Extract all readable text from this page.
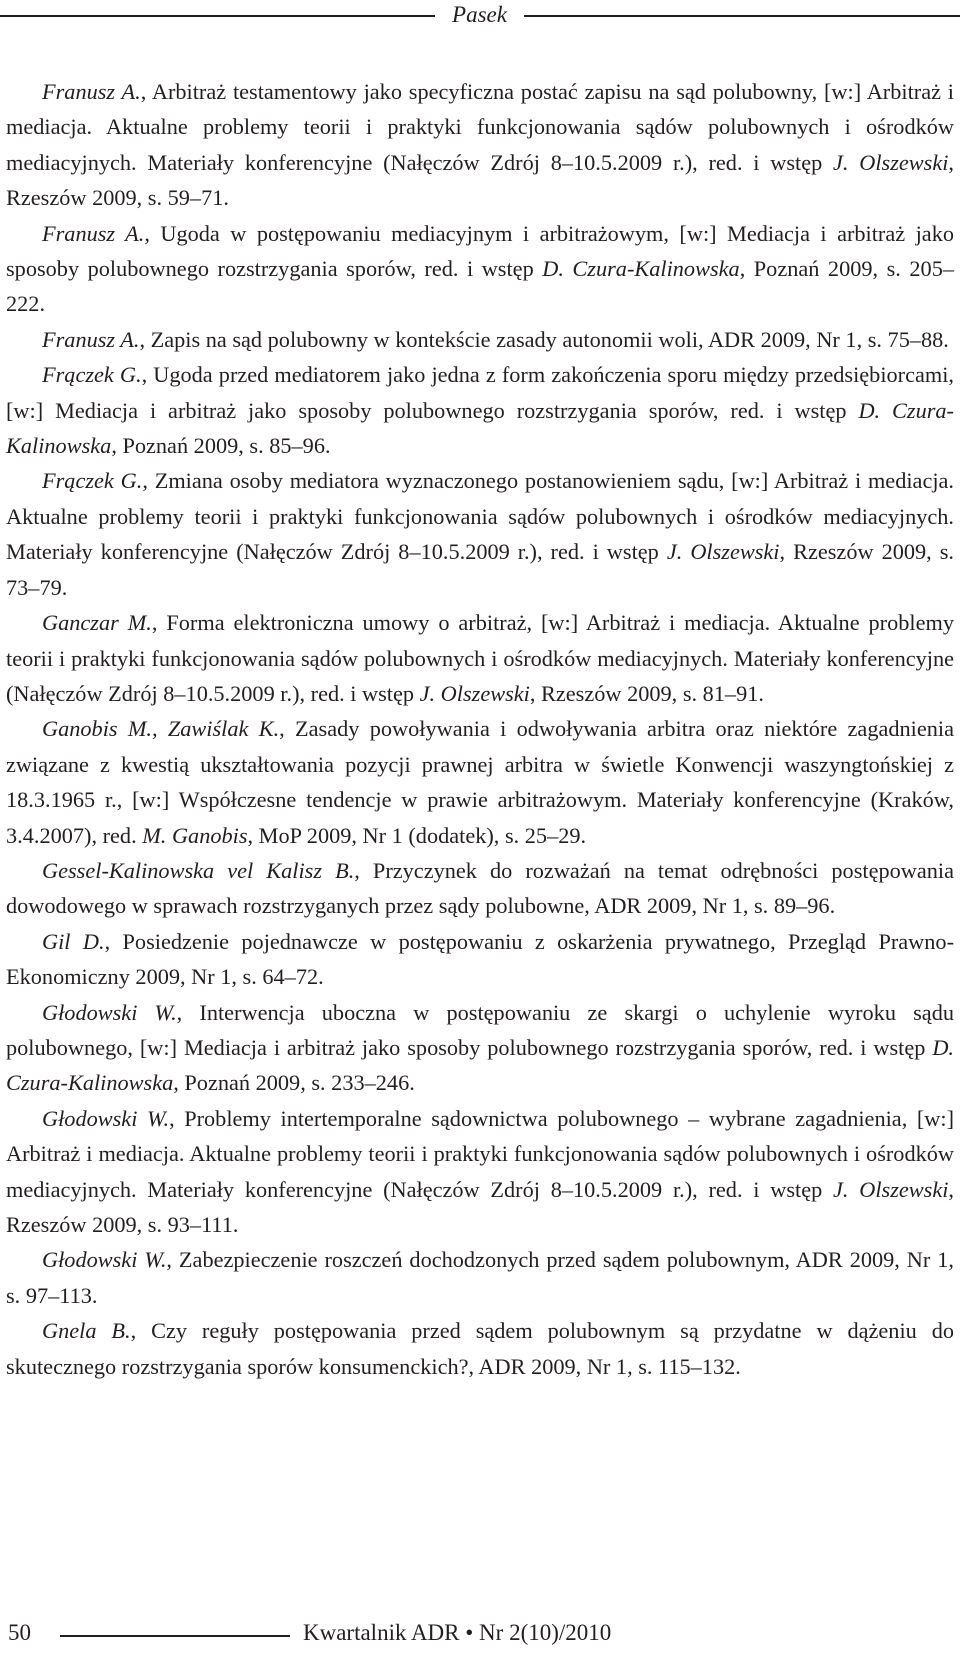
Pasek

Franusz A., Arbitraż testamentowy jako specyficzna postać zapisu na sąd polubowny, [w:] Arbitraż i mediacja. Aktualne problemy teorii i praktyki funkcjonowania sądów polubownych i ośrodków mediacyjnych. Materiały konferencyjne (Nałęczów Zdrój 8–10.5.2009 r.), red. i wstęp J. Olszewski, Rzeszów 2009, s. 59–71.

Franusz A., Ugoda w postępowaniu mediacyjnym i arbitrażowym, [w:] Mediacja i arbitraż jako sposoby polubownego rozstrzygania sporów, red. i wstęp D. Czura-Kalinowska, Poznań 2009, s. 205–222.

Franusz A., Zapis na sąd polubowny w kontekście zasady autonomii woli, ADR 2009, Nr 1, s. 75–88.

Frączek G., Ugoda przed mediatorem jako jedna z form zakończenia sporu między przedsiębiorcami, [w:] Mediacja i arbitraż jako sposoby polubownego rozstrzygania sporów, red. i wstęp D. Czura-Kalinowska, Poznań 2009, s. 85–96.

Frączek G., Zmiana osoby mediatora wyznaczonego postanowieniem sądu, [w:] Arbitraż i mediacja. Aktualne problemy teorii i praktyki funkcjonowania sądów polubownych i ośrodków mediacyjnych. Materiały konferencyjne (Nałęczów Zdrój 8–10.5.2009 r.), red. i wstęp J. Olszewski, Rzeszów 2009, s. 73–79.

Ganczar M., Forma elektroniczna umowy o arbitraż, [w:] Arbitraż i mediacja. Aktualne problemy teorii i praktyki funkcjonowania sądów polubownych i ośrodków mediacyjnych. Materiały konferencyjne (Nałęczów Zdrój 8–10.5.2009 r.), red. i wstęp J. Olszewski, Rzeszów 2009, s. 81–91.

Ganobis M., Zawiślak K., Zasady powoływania i odwoływania arbitra oraz niektóre zagadnienia związane z kwestią ukształtowania pozycji prawnej arbitra w świetle Konwencji waszyngtońskiej z 18.3.1965 r., [w:] Współczesne tendencje w prawie arbitrażowym. Materiały konferencyjne (Kraków, 3.4.2007), red. M. Ganobis, MoP 2009, Nr 1 (dodatek), s. 25–29.

Gessel-Kalinowska vel Kalisz B., Przyczynek do rozważań na temat odrębności postępowania dowodowego w sprawach rozstrzyganych przez sądy polubowne, ADR 2009, Nr 1, s. 89–96.

Gil D., Posiedzenie pojednawcze w postępowaniu z oskarżenia prywatnego, Przegląd Prawno-Ekonomiczny 2009, Nr 1, s. 64–72.

Głodowski W., Interwencja uboczna w postępowaniu ze skargi o uchylenie wyroku sądu polubownego, [w:] Mediacja i arbitraż jako sposoby polubownego rozstrzygania sporów, red. i wstęp D. Czura-Kalinowska, Poznań 2009, s. 233–246.

Głodowski W., Problemy intertemporalne sądownictwa polubownego – wybrane zagadnienia, [w:] Arbitraż i mediacja. Aktualne problemy teorii i praktyki funkcjonowania sądów polubownych i ośrodków mediacyjnych. Materiały konferencyjne (Nałęczów Zdrój 8–10.5.2009 r.), red. i wstęp J. Olszewski, Rzeszów 2009, s. 93–111.

Głodowski W., Zabezpieczenie roszczeń dochodzonych przed sądem polubownym, ADR 2009, Nr 1, s. 97–113.

Gnela B., Czy reguły postępowania przed sądem polubownym są przydatne w dążeniu do skutecznego rozstrzygania sporów konsumenckich?, ADR 2009, Nr 1, s. 115–132.

50	Kwartalnik ADR • Nr 2(10)/2010
